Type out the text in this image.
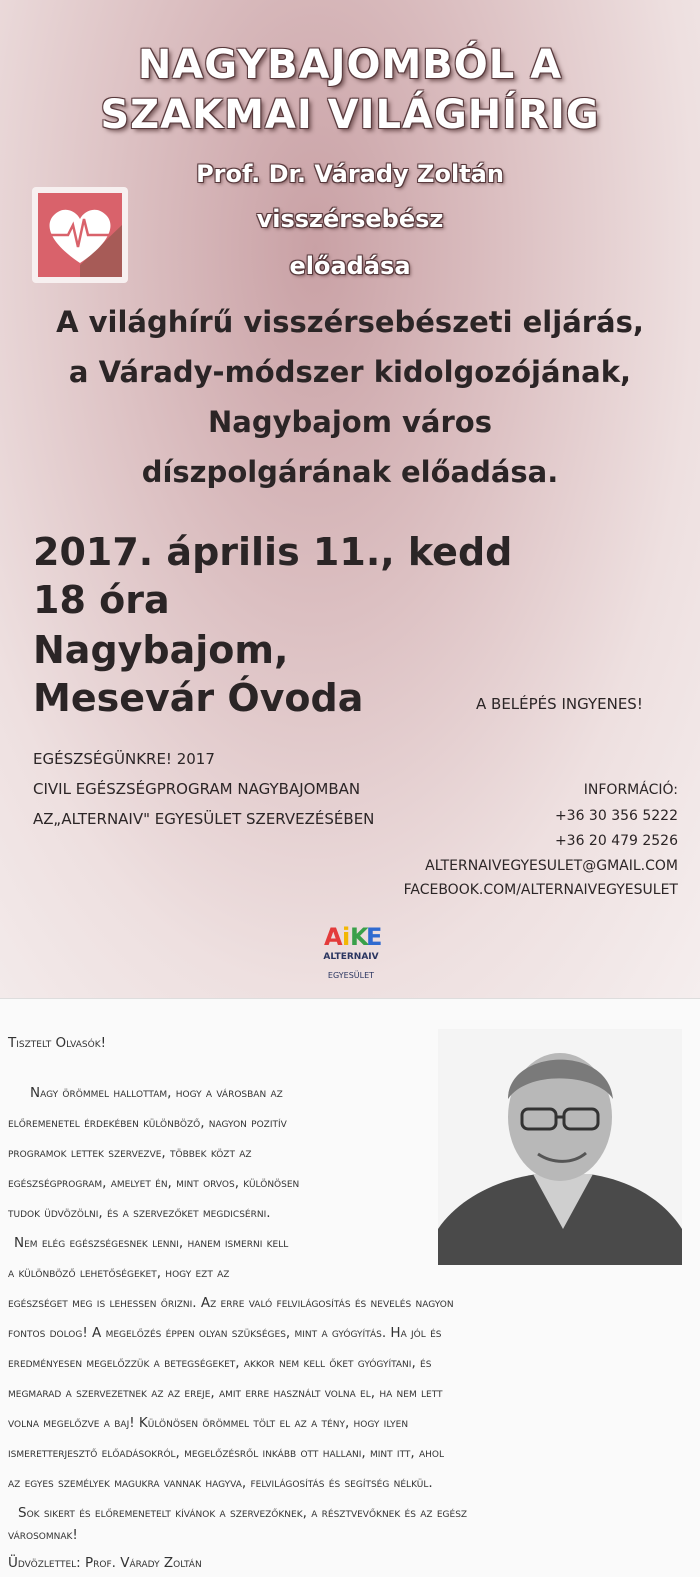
NAGYBAJOMBÓL A
SZAKMAI VILÁGHÍRIG
Prof. Dr. Várady Zoltán
visszérsebész
előadása
A világhírű visszérsebészeti eljárás,
a Várady-módszer kidolgozójának,
Nagybajom város
díszpolgárának előadása.
2017. április 11., kedd
18 óra
Nagybajom,
Mesevár Óvoda	A BELÉPÉS INGYENES!
EGÉSZSÉGÜNKRE! 2017
CIVIL EGÉSZSÉGPROGRAM NAGYBAJOMBAN
AZ„ALTERNAIV" EGYESÜLET SZERVEZÉSÉBEN
INFORMÁCIÓ:
+36 30 356 5222
+36 20 479 2526
ALTERNAIVEGYESULET@GMAIL.COM
FACEBOOK.COM/ALTERNAIVEGYESULET
A i K
E
ALTERNAIV
EGYESÜLET
Tisztelt Olvasók!
Nagy örömmel hallottam, hogy a városban az
előremenetel érdekében különböző, nagyon pozitív
programok lettek szervezve, többek közt az
egészségprogram, amelyet én, mint orvos, különösen
tudok üdvözölni, és a szervezőket megdicsérni.
Nem elég egészségesnek lenni, hanem ismerni kell
a különböző lehetőségeket, hogy ezt az
egészséget meg is lehessen őrizni. Az erre való felvilágosítás és nevelés nagyon
fontos dolog! A megelőzés éppen olyan szükséges, mint a gyógyítás. Ha jól és
eredményesen megelőzzük a betegségeket, akkor nem kell őket gyógyítani, és
megmarad a szervezetnek az az ereje, amit erre használt volna el, ha nem lett
volna megelőzve a baj! Különösen örömmel tölt el az a tény, hogy ilyen
ismeretterjesztő előadásokról, megelőzésről inkább ott hallani, mint itt, ahol
az egyes személyek magukra vannak hagyva, felvilágosítás és segítség nélkül.
Sok sikert és előremenetelt kívánok a szervezőknek, a résztvevőknek és az egész
városomnak!
Üdvözlettel: Prof. Várady Zoltán
